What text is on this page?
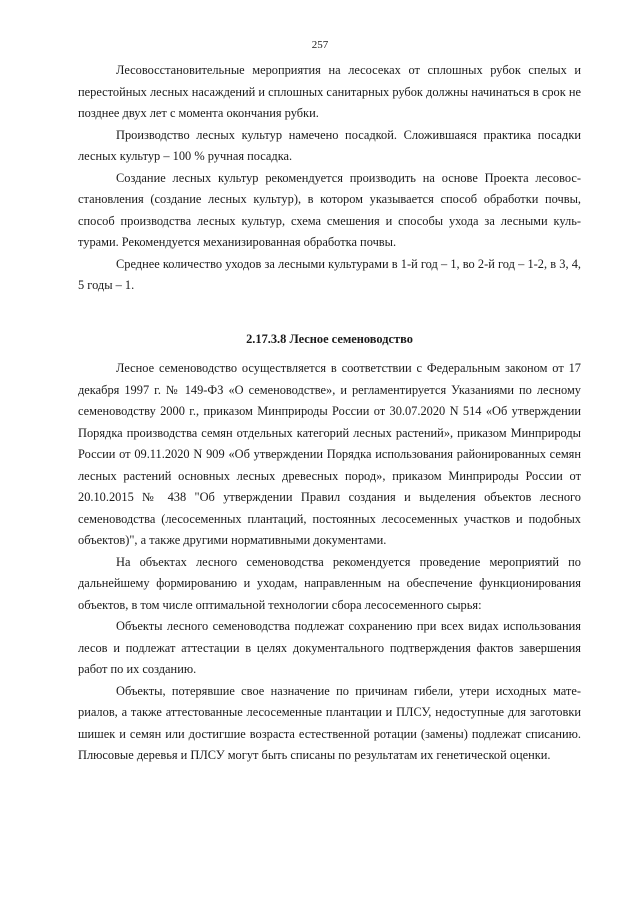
257

Лесовосстановительные мероприятия на лесосеках от сплошных рубок спелых и перестойных лесных насаждений и сплошных санитарных рубок должны начинаться в срок не позднее двух лет с момента окончания рубки.

Производство лесных культур намечено посадкой. Сложившаяся практика посадки лесных культур – 100 % ручная посадка.

Создание лесных культур рекомендуется производить на основе Проекта лесовосстановления (создание лесных культур), в котором указывается способ обработки почвы, способ производства лесных культур, схема смешения и способы ухода за лесными культурами. Рекомендуется механизированная обработка почвы.

Среднее количество уходов за лесными культурами в 1-й год – 1, во 2-й год – 1-2, в 3, 4, 5 годы – 1.

2.17.3.8 Лесное семеноводство

Лесное семеноводство осуществляется в соответствии с Федеральным законом от 17 декабря 1997 г. № 149-ФЗ «О семеноводстве», и регламентируется Указаниями по лесному семеноводству 2000 г., приказом Минприроды России от 30.07.2020 N 514 «Об утверждении Порядка производства семян отдельных категорий лесных растений», приказом Минприроды России от 09.11.2020 N 909 «Об утверждении Порядка использования районированных семян лесных растений основных лесных древесных пород», приказом Минприроды России от 20.10.2015 № 438 "Об утверждении Правил создания и выделения объектов лесного семеноводства (лесосеменных плантаций, постоянных лесосеменных участков и подобных объектов)", а также другими нормативными документами.

На объектах лесного семеноводства рекомендуется проведение мероприятий по дальнейшему формированию и уходам, направленным на обеспечение функционирования объектов, в том числе оптимальной технологии сбора лесосеменного сырья:

Объекты лесного семеноводства подлежат сохранению при всех видах использования лесов и подлежат аттестации в целях документального подтверждения фактов завершения работ по их созданию.

Объекты, потерявшие свое назначение по причинам гибели, утери исходных материалов, а также аттестованные лесосеменные плантации и ПЛСУ, недоступные для заготовки шишек и семян или достигшие возраста естественной ротации (замены) подлежат списанию. Плюсовые деревья и ПЛСУ могут быть списаны по результатам их генетической оценки.
